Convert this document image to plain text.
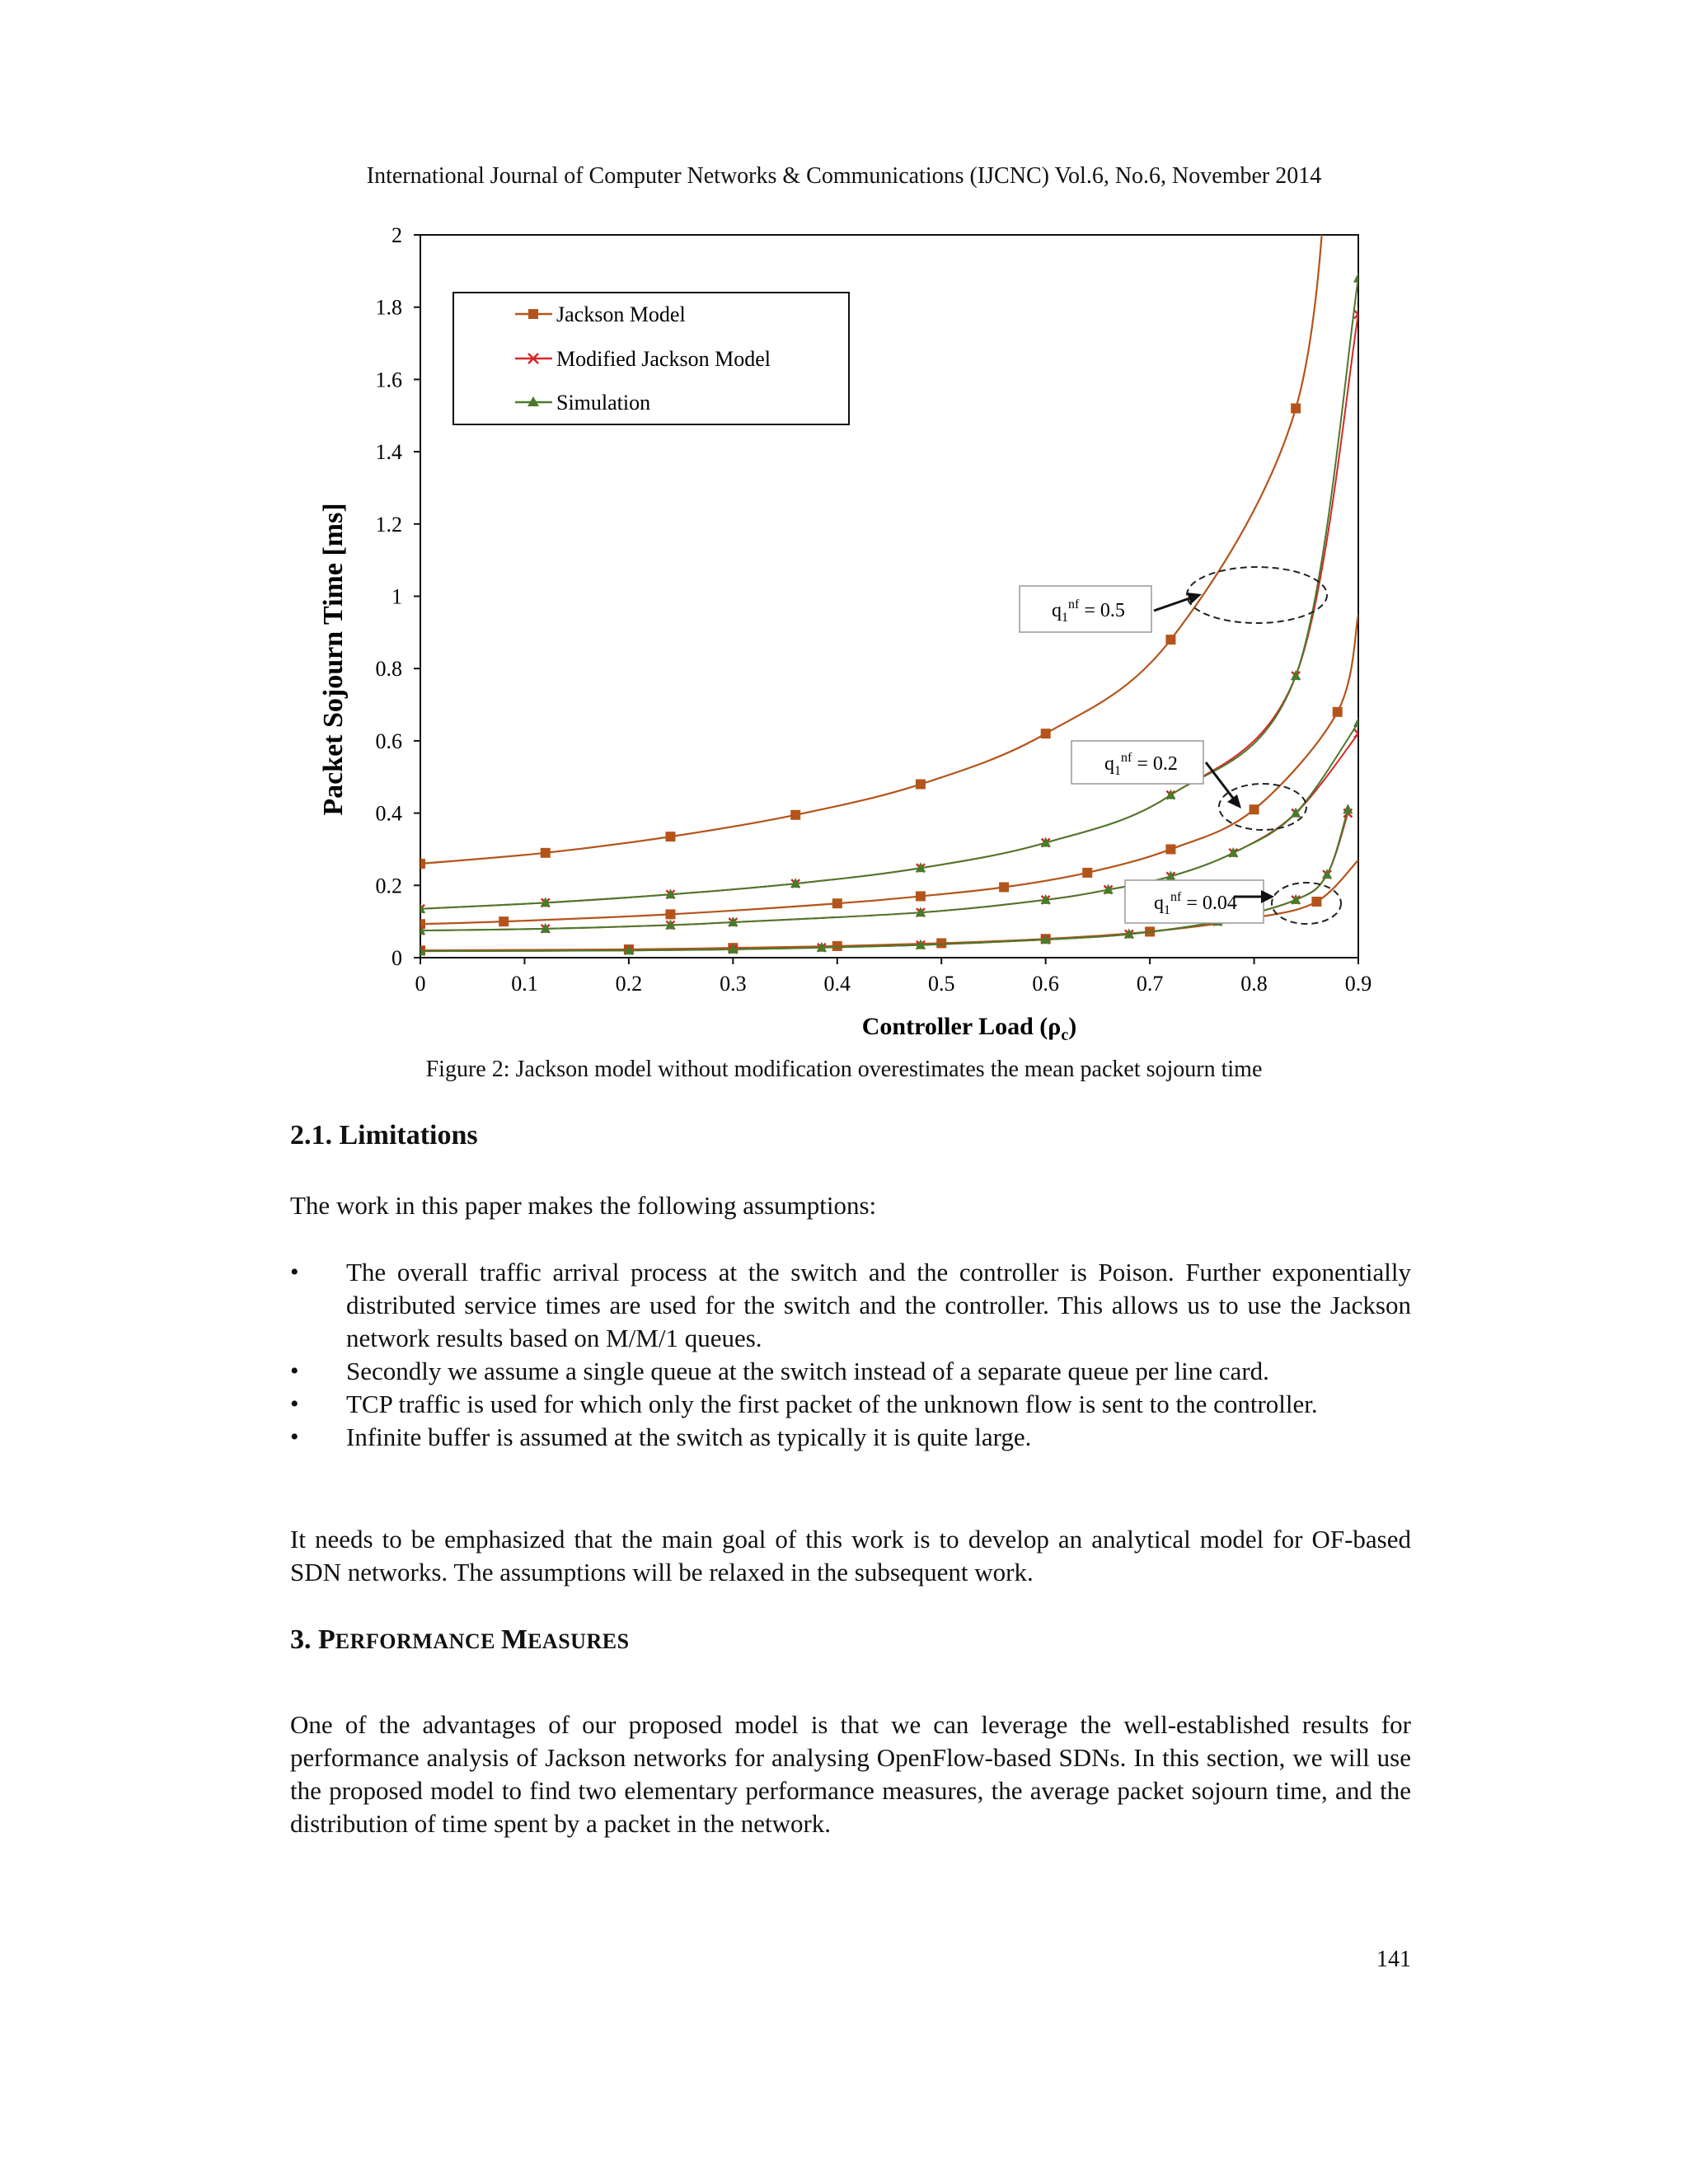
International Journal of Computer Networks & Communications (IJCNC) Vol.6, No.6, November 2014
0	0.1	0.2	0.3	0.4	0.5	0.6	0.7	0.8	0.9
0
0.2
0.4
0.6
0.8
1
1.2
1.4
1.6
1.8
2
$q_1^{nf} = 0.5$
$q_1^{nf} = 0.2$
$q_1^{nf} = 0.04$
Jackson Model
Modified Jackson Model
Simulation
Controller Load $(\rho_c)$
Packet Sojourn Time [ms]
Figure 2: Jackson model without modification overestimates the mean packet sojourn time
2.1. Limitations
The work in this paper makes the following assumptions:
• The overall traffic arrival process at the switch and the controller is Poison. Further exponentially distributed service times are used for the switch and the controller. This allows us to use the Jackson network results based on M/M/1 queues.
• Secondly we assume a single queue at the switch instead of a separate queue per line card.
• TCP traffic is used for which only the first packet of the unknown flow is sent to the controller.
• Infinite buffer is assumed at the switch as typically it is quite large.
It needs to be emphasized that the main goal of this work is to develop an analytical model for OF-based SDN networks. The assumptions will be relaxed in the subsequent work.
3. PERFORMANCE MEASURES
One of the advantages of our proposed model is that we can leverage the well-established results for performance analysis of Jackson networks for analysing OpenFlow-based SDNs. In this section, we will use the proposed model to find two elementary performance measures, the average packet sojourn time, and the distribution of time spent by a packet in the network.
141
